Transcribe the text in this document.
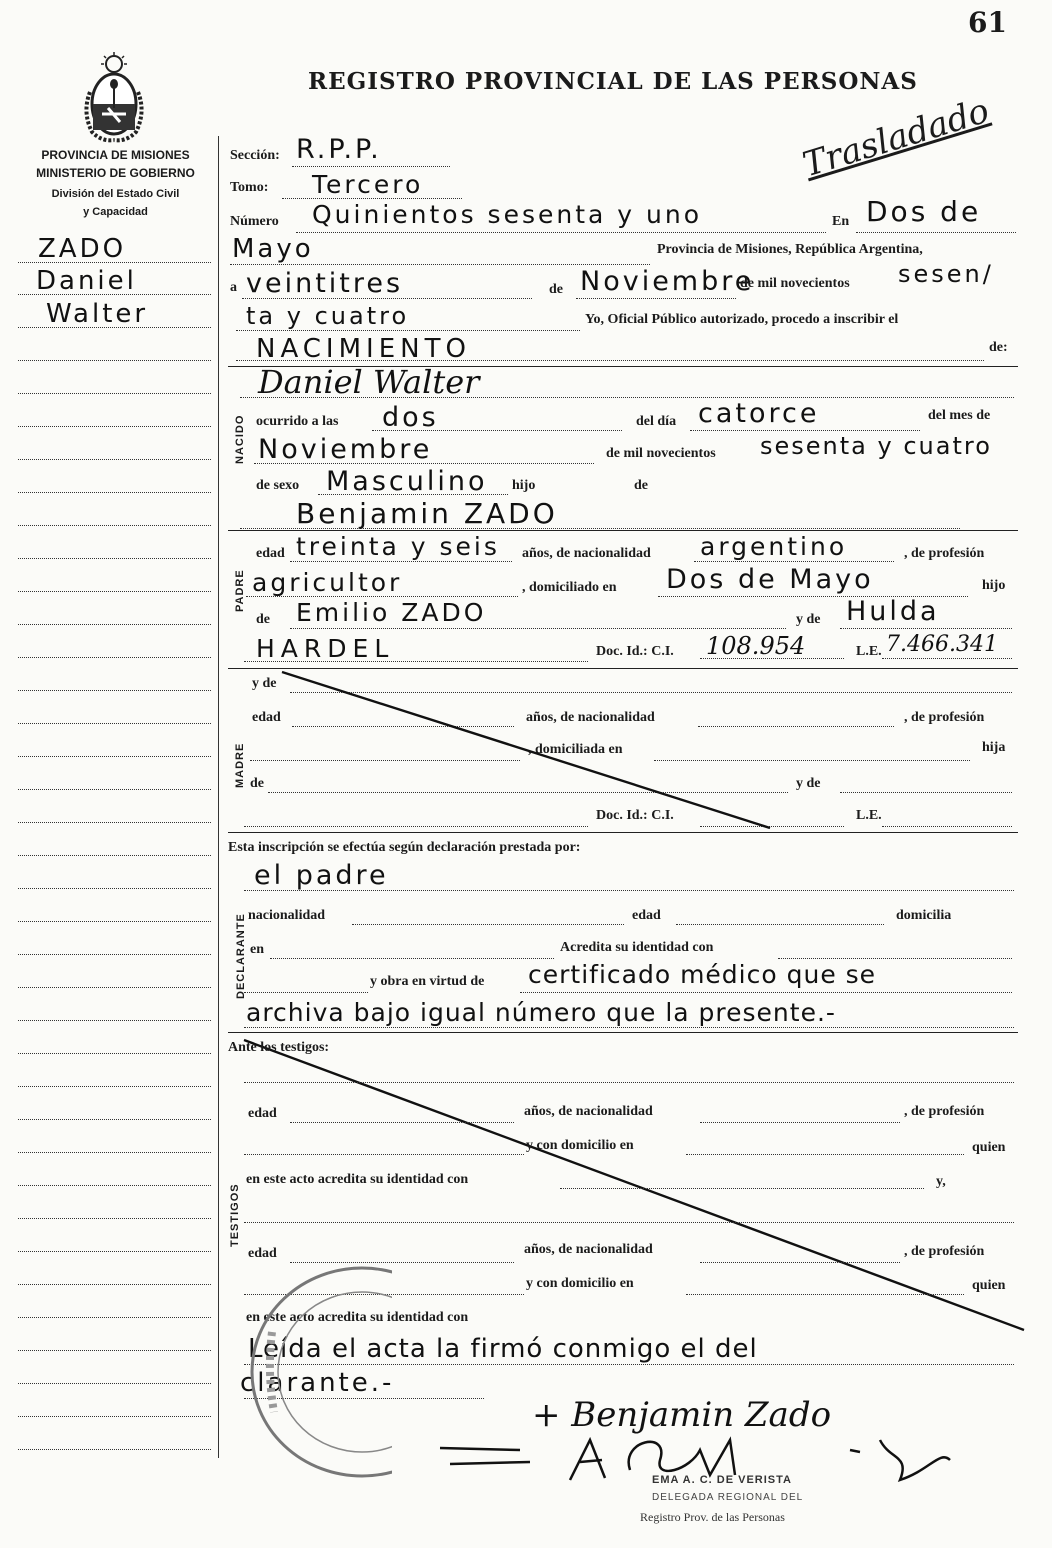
61
REGISTRO PROVINCIAL DE LAS PERSONAS
Trasladado
PROVINCIA DE MISIONES
MINISTERIO DE GOBIERNO
División del Estado Civil
y Capacidad
ZADO
Daniel
Walter
Sección: R.P.P.
Tomo: Tercero
Número Quinientos sesenta y uno	En Dos de
Mayo	Provincia de Misiones, República Argentina,
a veintitres	de Noviembre
de mil novecientos sesen/
ta y cuatro	Yo, Oficial Público autorizado, procedo a inscribir el
NACIMIENTO	de:
NACIDO
Daniel Walter
ocurrido a las dos	del día catorce	del mes de
Noviembre	de mil novecientos sesenta y cuatro
de sexo Masculino hijo	de
PADRE
Benjamin ZADO
edad treinta y seis años, de nacionalidad argentino	, de profesión
agricultor	, domiciliado en Dos de Mayo	hijo
de Emilio ZADO	y de Hulda
HARDEL	Doc. Id.: C.I. 108.954	L.E. 7.466.341
MADRE
y de
edad	años, de nacionalidad	, de profesión
, domiciliada en	hija
de	y de
Doc. Id.: C.I.	L.E.
Esta inscripción se efectúa según declaración prestada por:
DECLARANTE
el padre
nacionalidad	edad	domicilia
en	Acredita su identidad con
y obra en virtud de certificado médico que se
archiva bajo igual número que la presente.-
Ante los testigos:
TESTIGOS
edad	años, de nacionalidad	, de profesión
y con domicilio en	quien
en este acto acredita su identidad con	y,
edad	años, de nacionalidad	, de profesión
y con domicilio en	quien
en este acto acredita su identidad con
Leída el acta la firmó conmigo el del
clarante.-
+ Benjamin Zado
EMA A. C. DE VERISTA
DELEGADA REGIONAL DEL
Registro Prov. de las Personas
